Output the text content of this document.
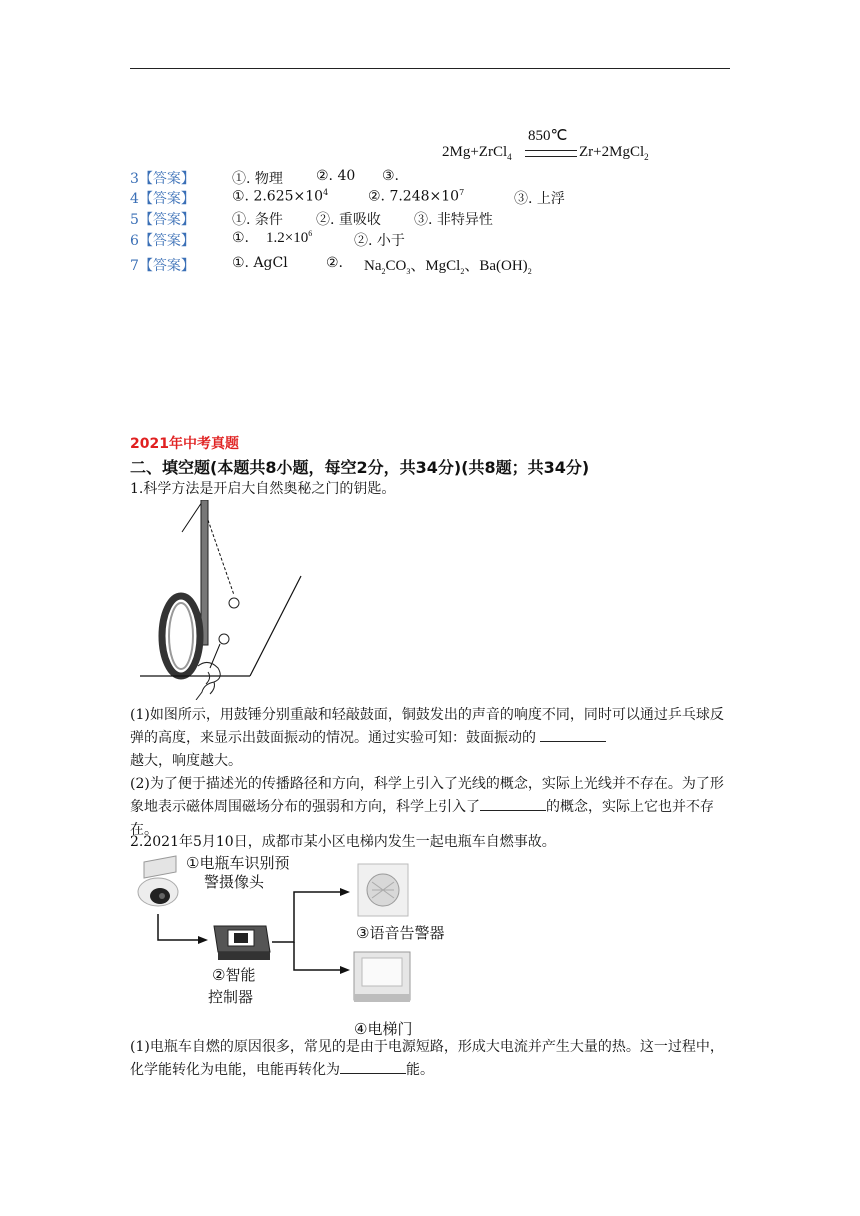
850℃
2Mg+ZrCl$_4$	Zr+2MgCl$_2$
3【答案】	①. 物理 ②. 40 ③.
4【答案】	①. $2.625\times 10^4$	②. $7.248\times 10^7$	③. 上浮
5【答案】	①. 条件 ②. 重吸收 ③. 非特异性
6【答案】	①. $1.2\times 10^6$	②. 小于
7【答案】	①. AgCl	②. $Na_2CO_3$、MgCl$_2$、$Ba(OH)_2$
2021年中考真题
二、填空题(本题共8小题，每空2分，共34分)(共8题；共34分)
1.科学方法是开启大自然奥秘之门的钥匙。
(1)如图所示，用鼓锤分别重敲和轻敲鼓面，铜鼓发出的声音的响度不同，同时可以通过乒乓球反弹的高度，来显示出鼓面振动的情况。通过实验可知：鼓面振动的
越大，响度越大。
(2)为了便于描述光的传播路径和方向，科学上引入了光线的概念，实际上光线并不存在。为了形象地表示磁体周围磁场分布的强弱和方向，科学上引入了	的概念，实际上它也并不存在。
2.2021年5月10日，成都市某小区电梯内发生一起电瓶车自燃事故。
①电瓶车识别预
警摄像头
②智能
控制器
③语音告警器
④电梯门
(1)电瓶车自燃的原因很多，常见的是由于电源短路，形成大电流并产生大量的热。这一过程中，化学能转化为电能，电能再转化为	能。
